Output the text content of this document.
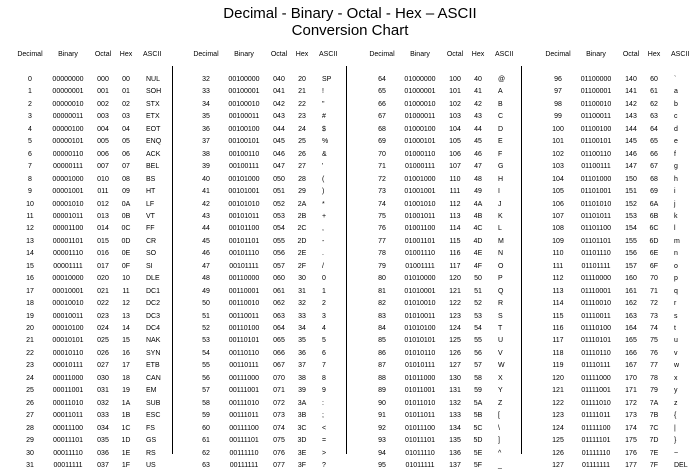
Decimal - Binary - Octal - Hex – ASCII
Conversion Chart
Decimal Binary Octal Hex ASCII	Decimal Binary Octal Hex ASCII	Decimal Binary Octal Hex ASCII	Decimal Binary Octal Hex ASCII
0	00000000 000 00 NUL
1	00000001 001 01 SOH
2	00000010 002 02 STX
3	00000011 003 03 ETX
4	00000100 004 04 EOT
5	00000101 005 05 ENQ
6	00000110 006 06 ACK
7	00000111 007 07 BEL
8	00001000 010 08 BS
9	00001001 011 09 HT
10	00001010 012 0A LF
11	00001011 013 0B VT
12	00001100 014 0C FF
13	00001101 015 0D CR
14	00001110 016 0E SO
15	00001111 017 0F SI
16	00010000 020 10 DLE
17	00010001 021 11 DC1
18	00010010 022 12 DC2
19	00010011 023 13 DC3
20	00010100 024 14 DC4
21	00010101 025 15 NAK
22	00010110 026 16 SYN
23	00010111 027 17 ETB
24	00011000 030 18 CAN
25	00011001 031 19 EM
26	00011010 032 1A SUB
27	00011011 033 1B ESC
28	00011100 034 1C FS
29	00011101 035 1D GS
30	00011110 036 1E RS
31	00011111 037 1F US
32	00100000 040 20 SP
33	00100001 041 21 !
34	00100010 042 22 "
35	00100011 043 23 #
36	00100100 044 24 $
37	00100101 045 25 %
38	00100110 046 26 &
39	00100111 047 27 '
40	00101000 050 28 (
41	00101001 051 29 )
42	00101010 052 2A *
43	00101011 053 2B +
44	00101100 054 2C ,
45	00101101 055 2D -
46	00101110 056 2E .
47	00101111 057 2F /
48	00110000 060 30 0
49	00110001 061 31 1
50	00110010 062 32 2
51	00110011 063 33 3
52	00110100 064 34 4
53	00110101 065 35 5
54	00110110 066 36 6
55	00110111 067 37 7
56	00111000 070 38 8
57	00111001 071 39 9
58	00111010 072 3A :
59	00111011 073 3B ;
60	00111100 074 3C <
61	00111101 075 3D =
62	00111110 076 3E >
63	00111111 077 3F ?
64	01000000 100 40 @
65	01000001 101 41 A
66	01000010 102 42 B
67	01000011 103 43 C
68	01000100 104 44 D
69	01000101 105 45 E
70	01000110 106 46 F
71	01000111 107 47 G
72	01001000 110 48 H
73	01001001 111 49 I
74	01001010 112 4A J
75	01001011 113 4B K
76	01001100 114 4C L
77	01001101 115 4D M
78	01001110 116 4E N
79	01001111 117 4F O
80	01010000 120 50 P
81	01010001 121 51 Q
82	01010010 122 52 R
83	01010011 123 53 S
84	01010100 124 54 T
85	01010101 125 55 U
86	01010110 126 56 V
87	01010111 127 57 W
88	01011000 130 58 X
89	01011001 131 59 Y
90	01011010 132 5A Z
91	01011011 133 5B [
92	01011100 134 5C \
93	01011101 135 5D ]
94	01011110 136 5E ^
95	01011111 137 5F _
96	01100000 140 60 `
97	01100001 141 61 a
98	01100010 142 62 b
99	01100011 143 63 c
100 01100100 144 64 d
101 01100101 145 65 e
102 01100110 146 66 f
103 01100111 147 67 g
104 01101000 150 68 h
105 01101001 151 69 i
106 01101010 152 6A j
107 01101011 153 6B k
108 01101100 154 6C l
109 01101101 155 6D m
110	01101110 156 6E n
111	01101111 157 6F o
112 01110000 160 70 p
113 01110001 161 71 q
114 01110010 162 72 r
115	01110011 163 73 s
116 01110100 164 74 t
117 01110101 165 75 u
118	01110110 166 76 v
119	01110111 167 77 w
120 01111000 170 78 x
121 01111001 171 79 y
122 01111010 172 7A z
123	01111011 173 7B {
124	01111100 174 7C |
125	01111101 175 7D }
126	01111110 176 7E ~
127	01111111 177 7F DEL
